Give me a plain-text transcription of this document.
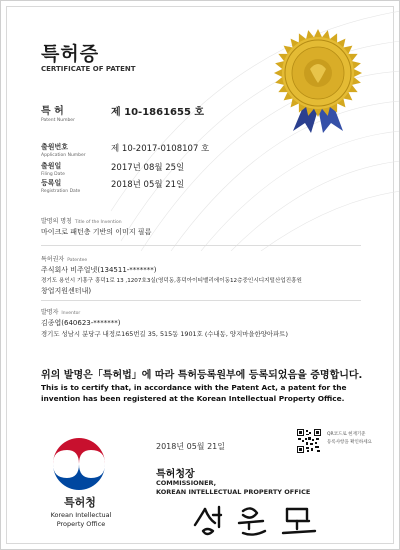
특허증
CERTIFICATE OF PATENT
특 허
Patent Number
제 10-1861655 호
출원번호
Application Number
제 10-2017-0108107 호
출원일
Filing Date
2017년 08월 25일
등록일
Registration Date
2018년 05월 21일
발명의 명칭 Title of the Invention
마이크로 패턴층 기반의 이미지 필름
특허권자 Patentee
주식회사 비주얼넷(134511-*******)
경기도 용인시 기흥구 흥덕1로 13 ,1207호3실(영덕동,흥덕아이티밸리에이동12층중인시디지털산업진흥원
창업지원센터내)
발명자 Inventor
김종엽(640623-*******)
경기도 성남시 분당구 내정로165번길 35, 515동 1901호 (수내동, 양지마을한양아파트)
위의 발명은「특허법」에 따라 특허등록원부에 등록되었음을 증명합니다.
This is to certify that, in accordance with the Patent Act, a patent for the invention has been registered at the Korean Intellectual Property Office.
특허청
Korean Intellectual
Property Office
2018년 05월 21일
QR코드로 현재기준
등록사항을 확인하세요
특허청장
COMMISSIONER,
KOREAN INTELLECTUAL PROPERTY OFFICE
